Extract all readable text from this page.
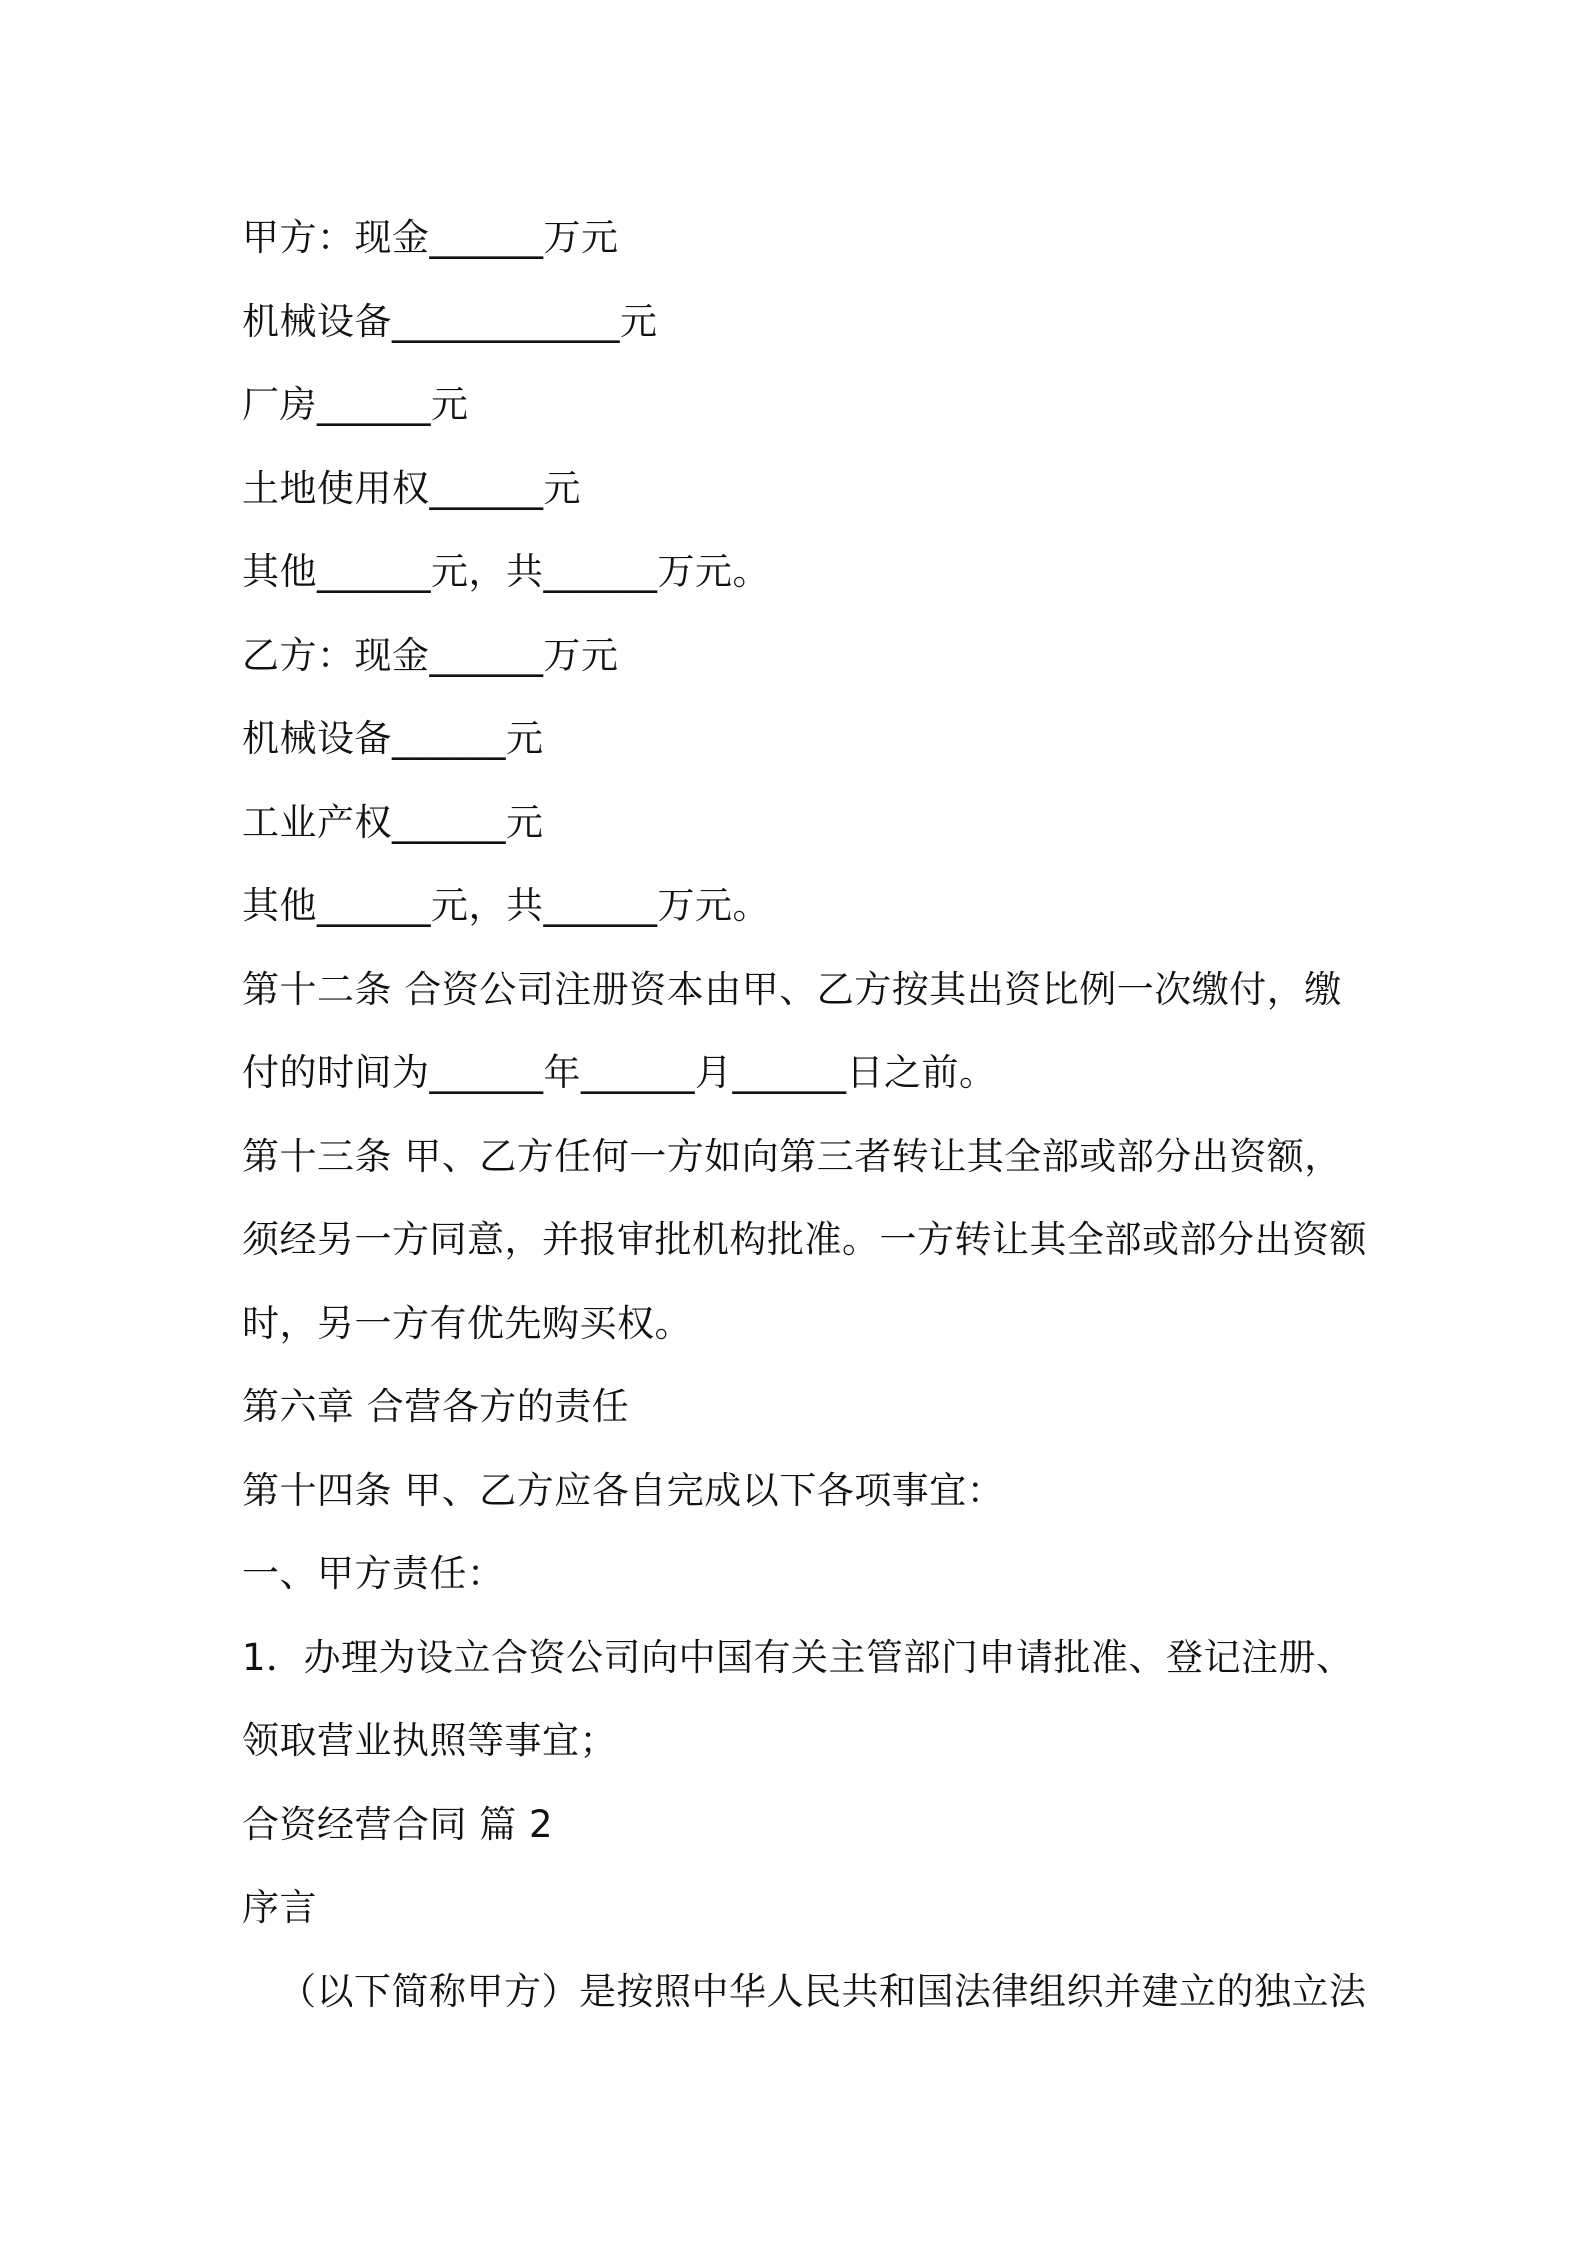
甲方：现金______万元

机械设备____________元

厂房______元

土地使用权______元

其他______元，共______万元。

乙方：现金______万元

机械设备______元

工业产权______元

其他______元，共______万元。

第十二条 合资公司注册资本由甲、乙方按其出资比例一次缴付，缴

付的时间为______年______月______日之前。

第十三条 甲、乙方任何一方如向第三者转让其全部或部分出资额，

须经另一方同意，并报审批机构批准。一方转让其全部或部分出资额

时，另一方有优先购买权。

第六章 合营各方的责任

第十四条 甲、乙方应各自完成以下各项事宜：

一、甲方责任：

1．办理为设立合资公司向中国有关主管部门申请批准、登记注册、

领取营业执照等事宜；

合资经营合同 篇 2

序言

（以下简称甲方）是按照中华人民共和国法律组织并建立的独立法
